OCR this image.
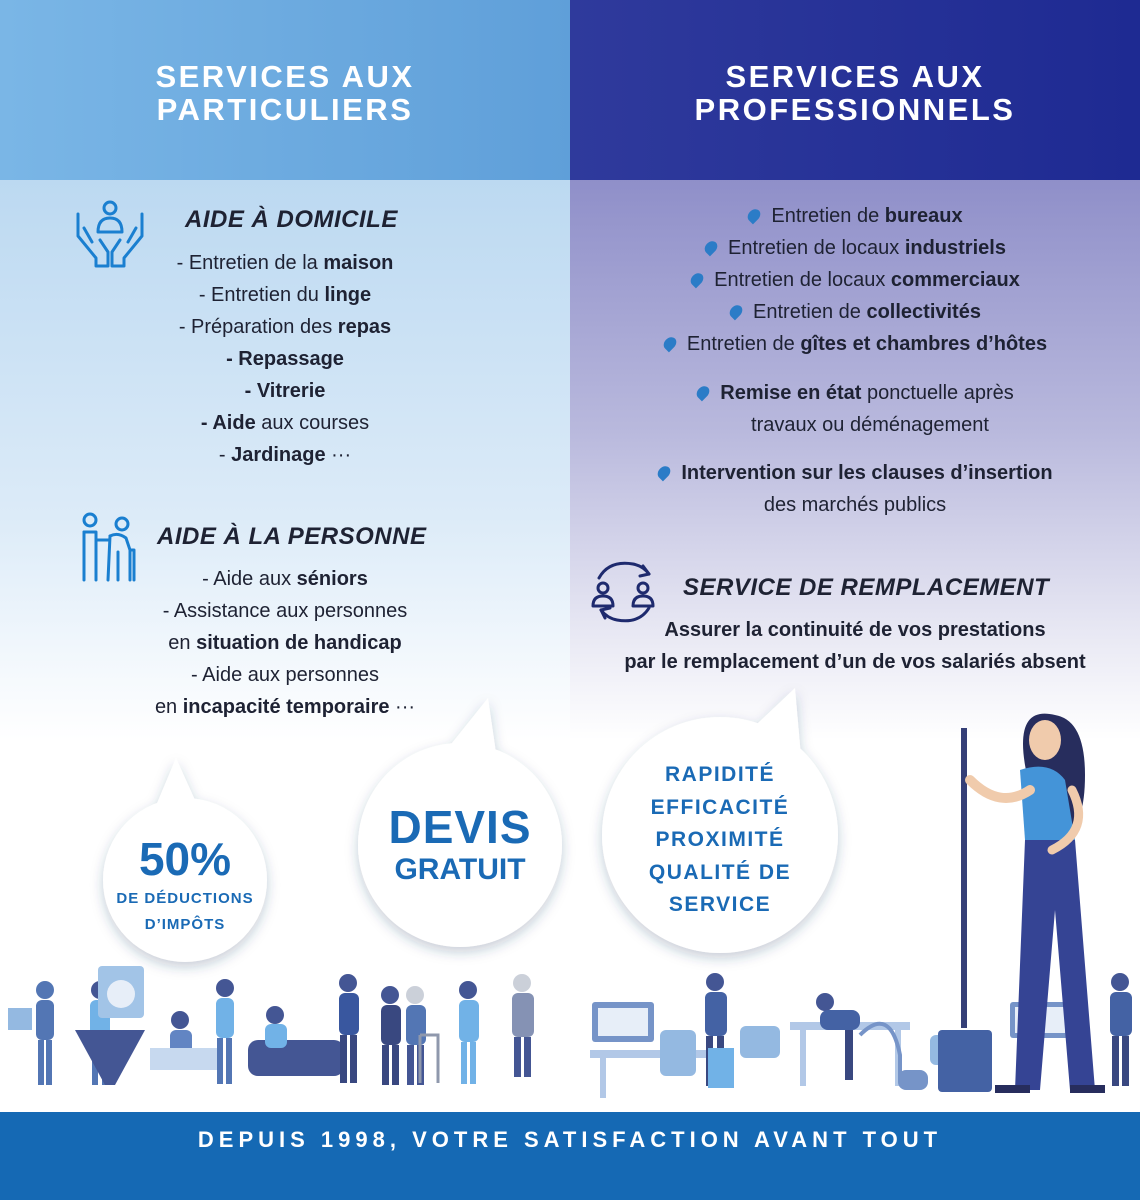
SERVICES AUX
PARTICULIERS
SERVICES AUX
PROFESSIONNELS
AIDE À DOMICILE
- Entretien de la maison
- Entretien du linge
- Préparation des repas
- Repassage
- Vitrerie
- Aide aux courses
- Jardinage ···
AIDE À LA PERSONNE
- Aide aux séniors
- Assistance aux personnes
en situation de handicap
- Aide aux personnes
en incapacité temporaire ···
Entretien de bureaux
Entretien de locaux industriels
Entretien de locaux commerciaux
Entretien de collectivités
Entretien de gîtes et chambres d’hôtes
Remise en état ponctuelle après
travaux ou déménagement
Intervention sur les clauses d’insertion
des marchés publics
SERVICE DE REMPLACEMENT
Assurer la continuité de vos prestations
par le remplacement d’un de vos salariés absent
50%
DE DÉDUCTIONS
D’IMPÔTS
DEVIS
GRATUIT
RAPIDITÉ
EFFICACITÉ
PROXIMITÉ
QUALITÉ DE
SERVICE
DEPUIS 1998, VOTRE SATISFACTION AVANT TOUT
